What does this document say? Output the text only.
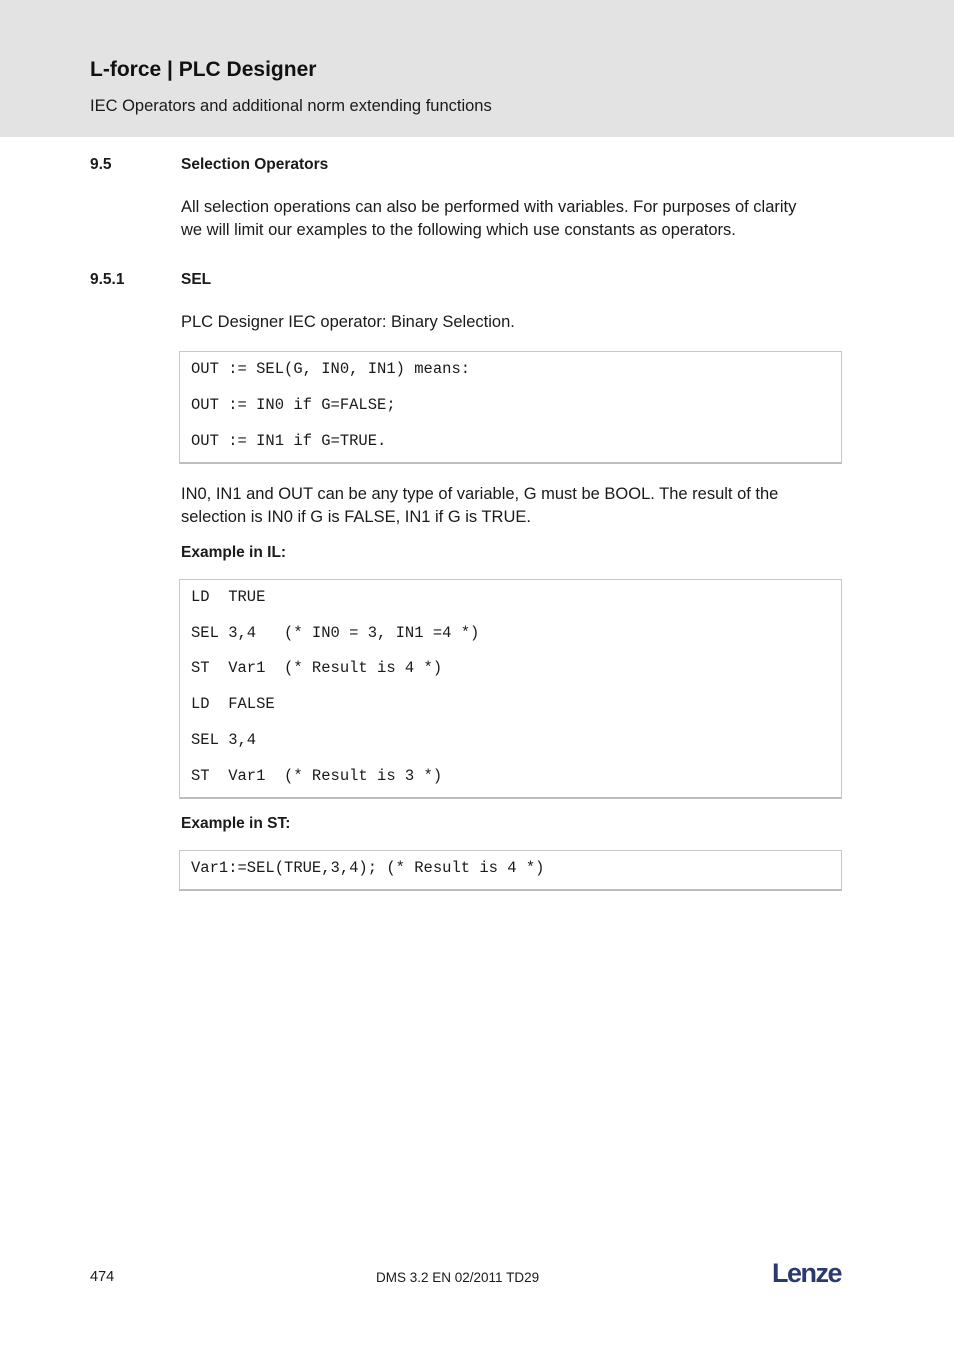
L-force | PLC Designer
IEC Operators and additional norm extending functions
9.5	Selection Operators

All selection operations can also be performed with variables. For purposes of clarity

we will limit our examples to the following which use constants as operators.

9.5.1	SEL

PLC Designer IEC operator: Binary Selection.

OUT := SEL(G, IN0, IN1) means:
OUT := IN0 if G=FALSE;
OUT := IN1 if G=TRUE.

IN0, IN1 and OUT can be any type of variable, G must be BOOL. The result of the

selection is IN0 if G is FALSE, IN1 if G is TRUE.

Example in IL:
LD  TRUE
SEL 3,4   (* IN0 = 3, IN1 =4 *)
ST  Var1  (* Result is 4 *)
LD  FALSE
SEL 3,4
ST  Var1  (* Result is 3 *)
Example in ST:
Var1:=SEL(TRUE,3,4); (* Result is 4 *)
474	DMS 3.2 EN 02/2011 TD29	Lenze
